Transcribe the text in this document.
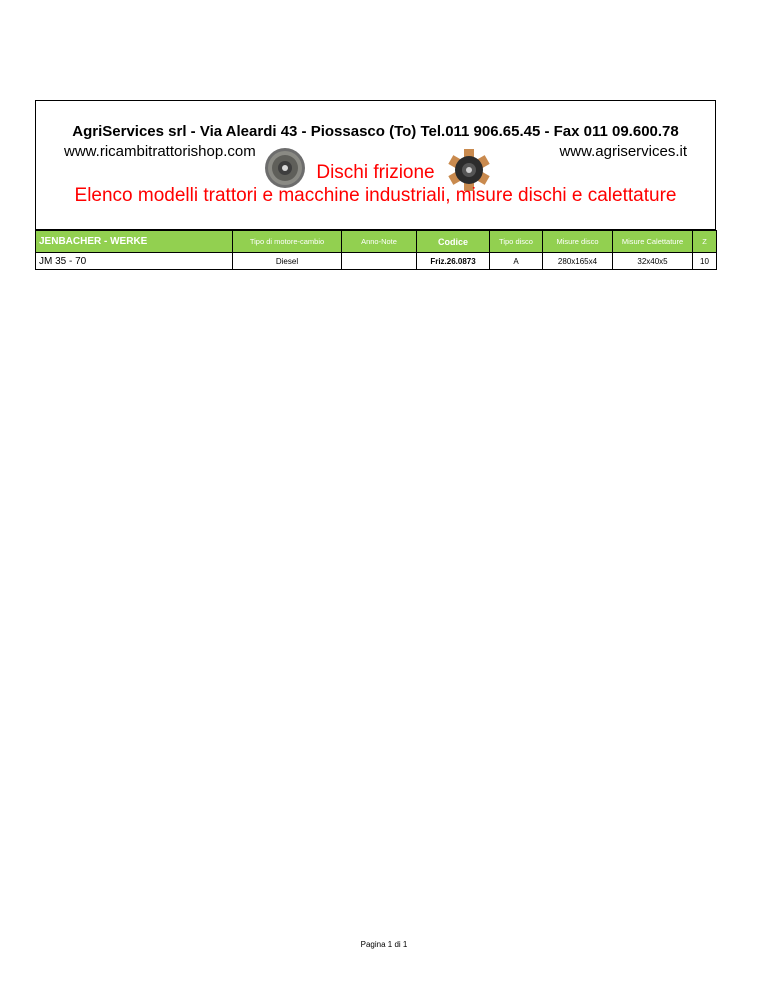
AgriServices srl - Via Aleardi 43 - Piossasco (To) Tel.011 906.65.45 - Fax 011 09.600.78
www.ricambitrattorishop.com	www.agriservices.it
Dischi frizione
Elenco modelli trattori e macchine industriali, misure dischi e calettature
JENBACHER - WERKE	Tipo di motore-cambio	Anno-Note	Codice	Tipo disco	Misure disco	Misure Calettature	Z
JM 35 - 70	Diesel		Friz.26.0873	A	280x165x4	32x40x5	10
Pagina 1 di 1
